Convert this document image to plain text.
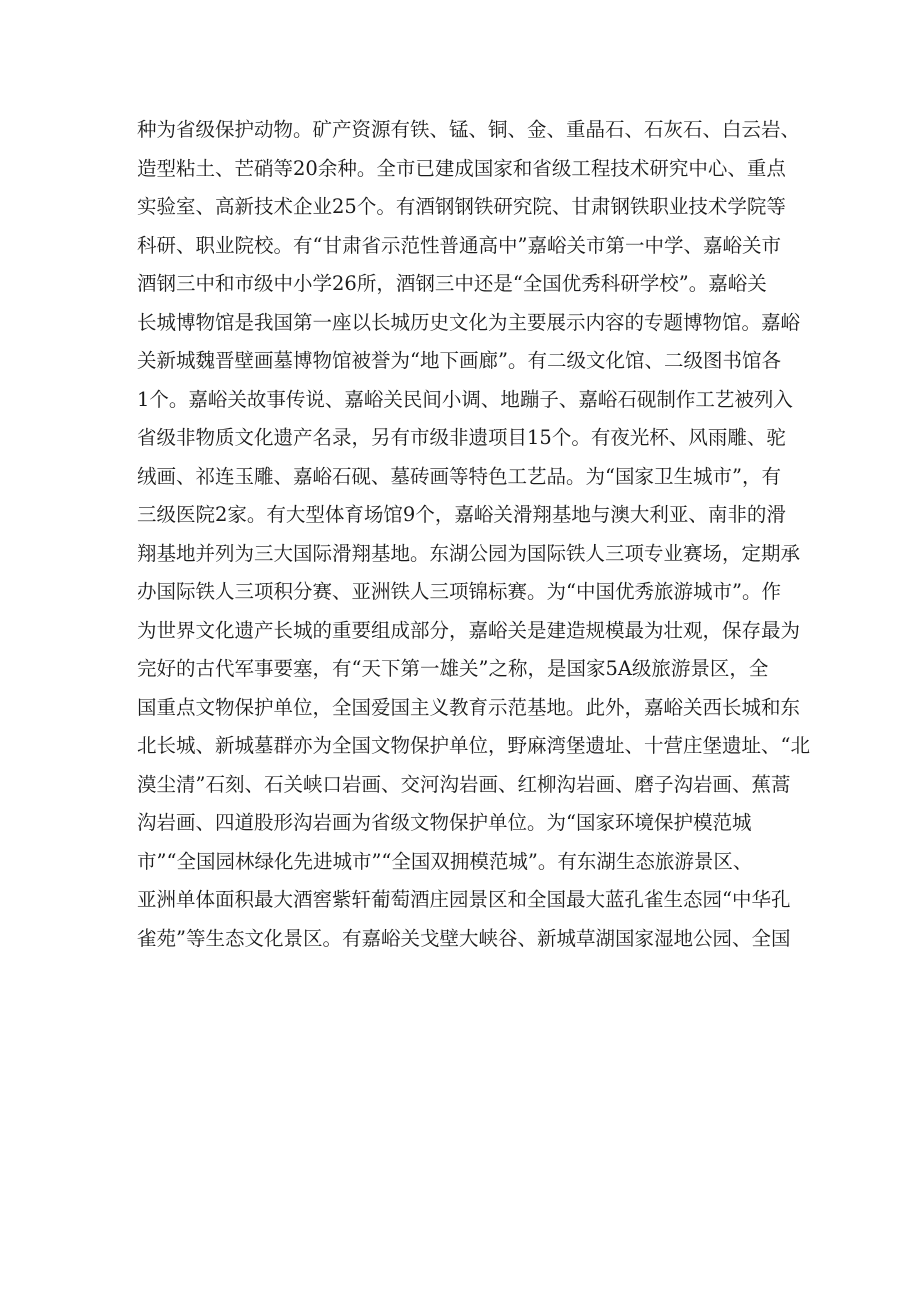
种为省级保护动物。矿产资源有铁、锰、铜、金、重晶石、石灰石、白云岩、
造型粘土、芒硝等20余种。全市已建成国家和省级工程技术研究中心、重点
实验室、高新技术企业25个。有酒钢钢铁研究院、甘肃钢铁职业技术学院等
科研、职业院校。有“甘肃省示范性普通高中”嘉峪关市第一中学、嘉峪关市
酒钢三中和市级中小学26所，酒钢三中还是“全国优秀科研学校”。嘉峪关
长城博物馆是我国第一座以长城历史文化为主要展示内容的专题博物馆。嘉峪
关新城魏晋壁画墓博物馆被誉为“地下画廊”。有二级文化馆、二级图书馆各
1个。嘉峪关故事传说、嘉峪关民间小调、地蹦子、嘉峪石砚制作工艺被列入
省级非物质文化遗产名录，另有市级非遗项目15个。有夜光杯、风雨雕、驼
绒画、祁连玉雕、嘉峪石砚、墓砖画等特色工艺品。为“国家卫生城市”，有
三级医院2家。有大型体育场馆9个，嘉峪关滑翔基地与澳大利亚、南非的滑
翔基地并列为三大国际滑翔基地。东湖公园为国际铁人三项专业赛场，定期承
办国际铁人三项积分赛、亚洲铁人三项锦标赛。为“中国优秀旅游城市”。作
为世界文化遗产长城的重要组成部分，嘉峪关是建造规模最为壮观，保存最为
完好的古代军事要塞，有“天下第一雄关”之称，是国家5A级旅游景区，全
国重点文物保护单位，全国爱国主义教育示范基地。此外，嘉峪关西长城和东
北长城、新城墓群亦为全国文物保护单位，野麻湾堡遗址、十营庄堡遗址、“北
漠尘清”石刻、石关峡口岩画、交河沟岩画、红柳沟岩画、磨子沟岩画、蕉蒿
沟岩画、四道股形沟岩画为省级文物保护单位。为“国家环境保护模范城
市”“全国园林绿化先进城市”“全国双拥模范城”。有东湖生态旅游景区、
亚洲单体面积最大酒窖紫轩葡萄酒庄园景区和全国最大蓝孔雀生态园“中华孔
雀苑”等生态文化景区。有嘉峪关戈壁大峡谷、新城草湖国家湿地公园、全国
